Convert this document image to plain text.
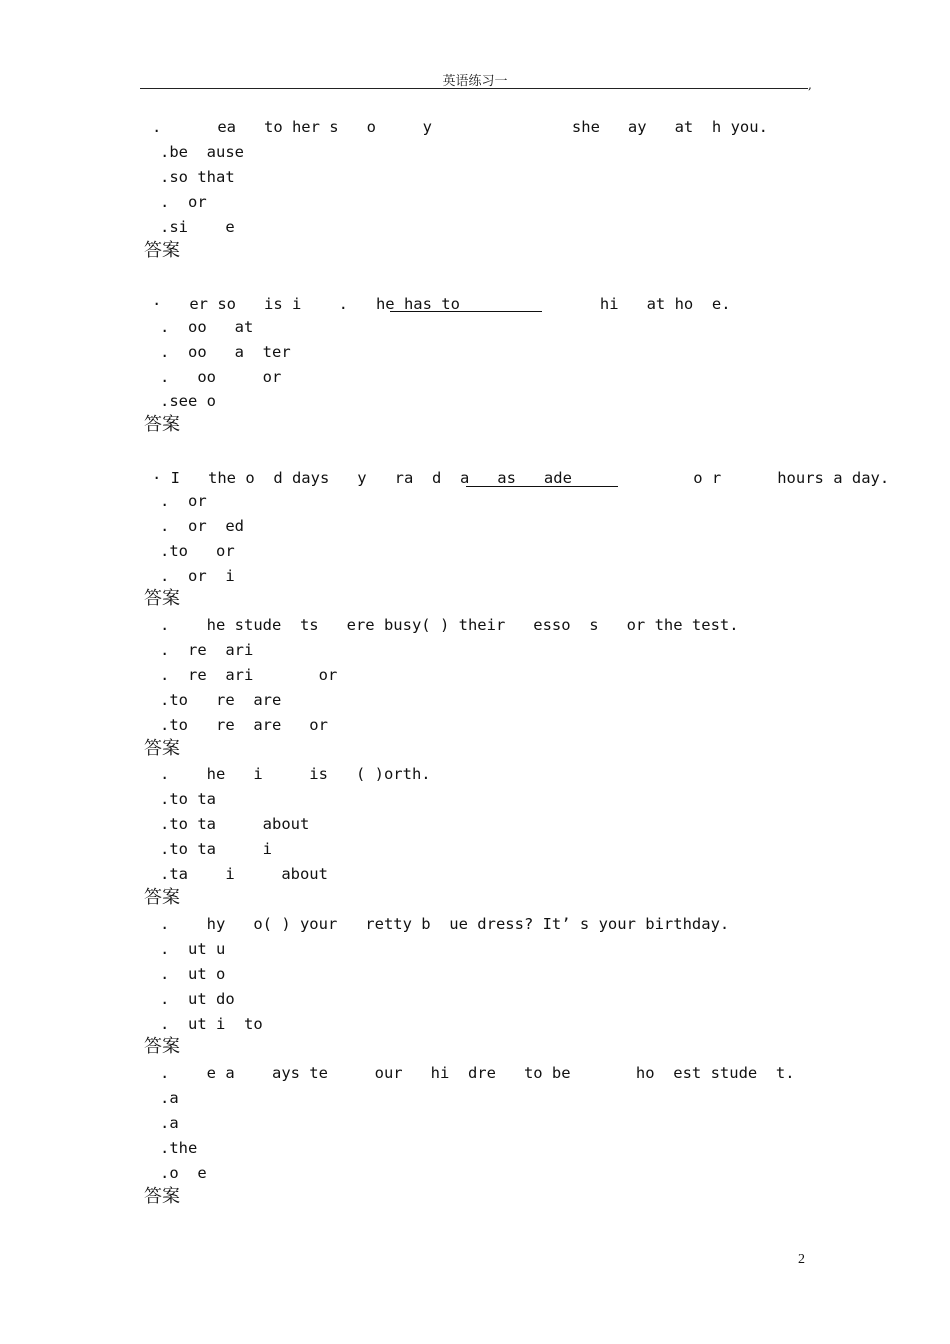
英语练习一	,
.      ea   to her s   o     y               she   ay   at  h you.
.be  ause
.so that
.  or
.si    e
答案
·   er so   is i    .   he has to               hi   at ho  e.
.  oo   at
.  oo   a  ter
.   oo     or
.see o
答案
· I   the o  d days   y   ra  d  a   as   ade             o r      hours a day.
.  or
.  or  ed
.to   or
.  or  i
答案
.    he stude  ts   ere busy( ) their   esso  s   or the test.
.  re  ari
.  re  ari       or
.to   re  are
.to   re  are   or
答案
.    he   i     is   ( )orth.
.to ta
.to ta     about
.to ta     i
.ta    i     about
答案
.    hy   o( ) your   retty b  ue dress? It’ s your birthday.
.  ut u
.  ut o
.  ut do
.  ut i  to
答案
.    e a    ays te     our   hi  dre   to be       ho  est stude  t.
.a
.a
.the
.o  e
答案
2
